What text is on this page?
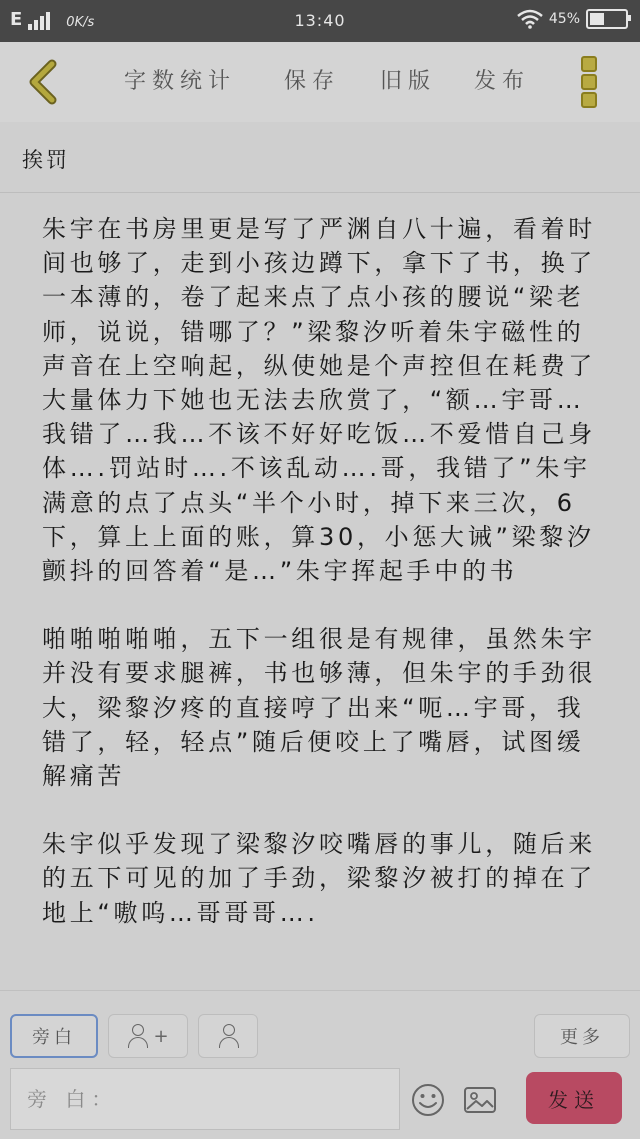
E	0K/s	13:40	45%
字数统计 保存 旧版 发布
挨罚

朱宇在书房里更是写了严渊自八十遍，看着时间也够了，走到小孩边蹲下，拿下了书，换了一本薄的，卷了起来点了点小孩的腰说“梁老师，说说，错哪了？”梁黎汐听着朱宇磁性的声音在上空响起，纵使她是个声控但在耗费了大量体力下她也无法去欣赏了，“额…宇哥…我错了…我…不该不好好吃饭…不爱惜自己身体….罚站时….不该乱动….哥，我错了”朱宇满意的点了点头“半个小时，掉下来三次，6下，算上上面的账，算30，小惩大诫”梁黎汐颤抖的回答着“是…”朱宇挥起手中的书

啪啪啪啪啪，五下一组很是有规律，虽然朱宇并没有要求腿裤，书也够薄，但朱宇的手劲很大，梁黎汐疼的直接哼了出来“呃…宇哥，我错了，轻，轻点”随后便咬上了嘴唇，试图缓解痛苦

朱宇似乎发现了梁黎汐咬嘴唇的事儿，随后来的五下可见的加了手劲，梁黎汐被打的掉在了地上“嗷呜…哥哥哥….

旁白	+	更多
旁 白：
发送
